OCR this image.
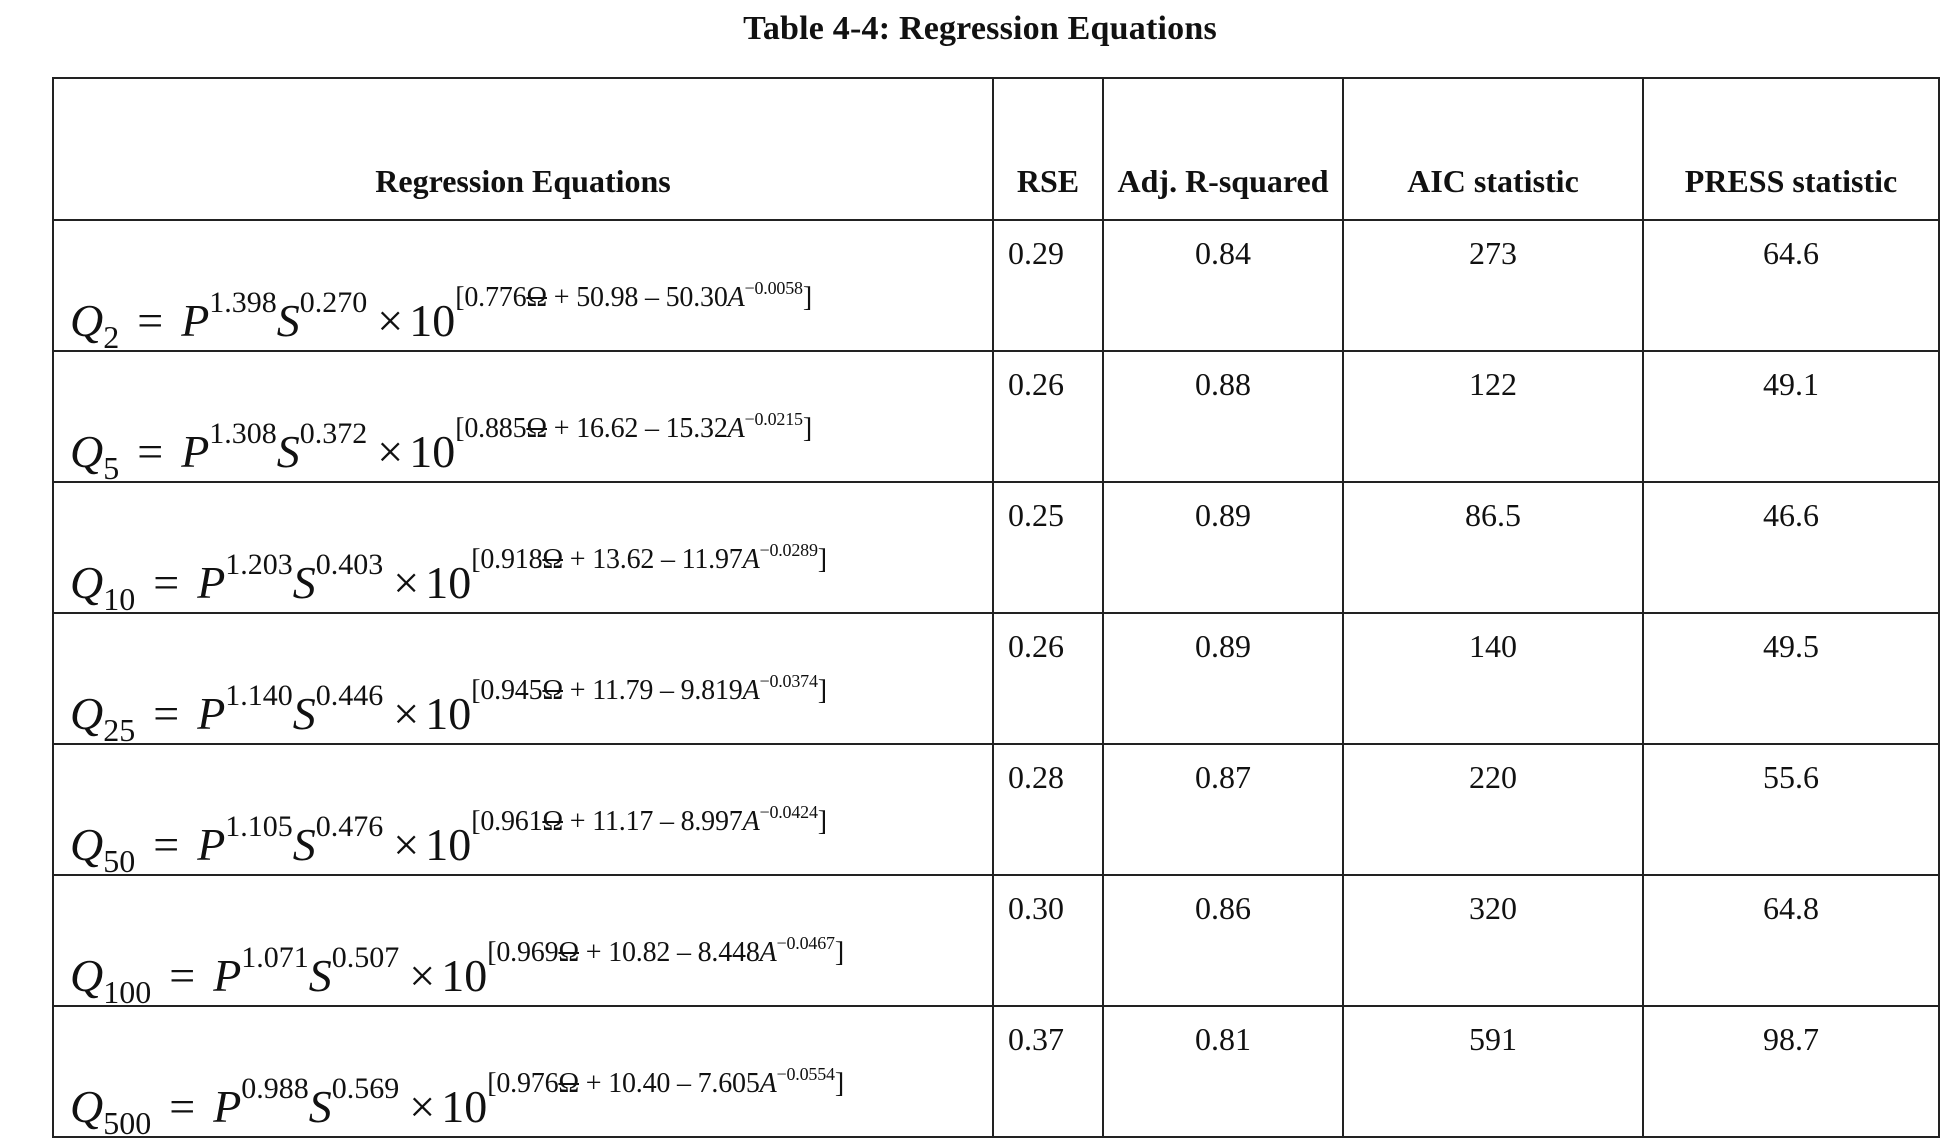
Table 4-4: Regression Equations
Regression Equations	RSE	Adj. R-squared	AIC statistic	PRESS statistic
$Q_2 = P^{1.398}S^{0.270} \times 10[0.776\Omega + 50.98 - 50.30A-0.0058]$	0.29	0.84	273	64.6
$Q_5 = P^{1.308}S^{0.372} \times 10[0.885\Omega + 16.62 - 15.32A-0.0215]$	0.26	0.88	122	49.1
$Q_{10} = P^{1.203}S^{0.403} \times 10[0.918\Omega + 13.62 - 11.97A-0.0289]$	0.25	0.89	86.5	46.6
$Q_{25} = P^{1.140}S^{0.446} \times 10[0.945\Omega + 11.79 - 9.819A-0.0374]$	0.26	0.89	140	49.5
$Q_{50} = P^{1.105}S^{0.476} \times 10[0.961\Omega + 11.17 - 8.997A-0.0424]$	0.28	0.87	220	55.6
$Q_{100} = P^{1.071}S^{0.507} \times 10[0.969\Omega + 10.82 - 8.448A-0.0467]$	0.30	0.86	320	64.8
$Q_{500} = P^{0.988}S^{0.569} \times 10[0.976\Omega + 10.40 - 7.605A-0.0554]$	0.37	0.81	591	98.7
